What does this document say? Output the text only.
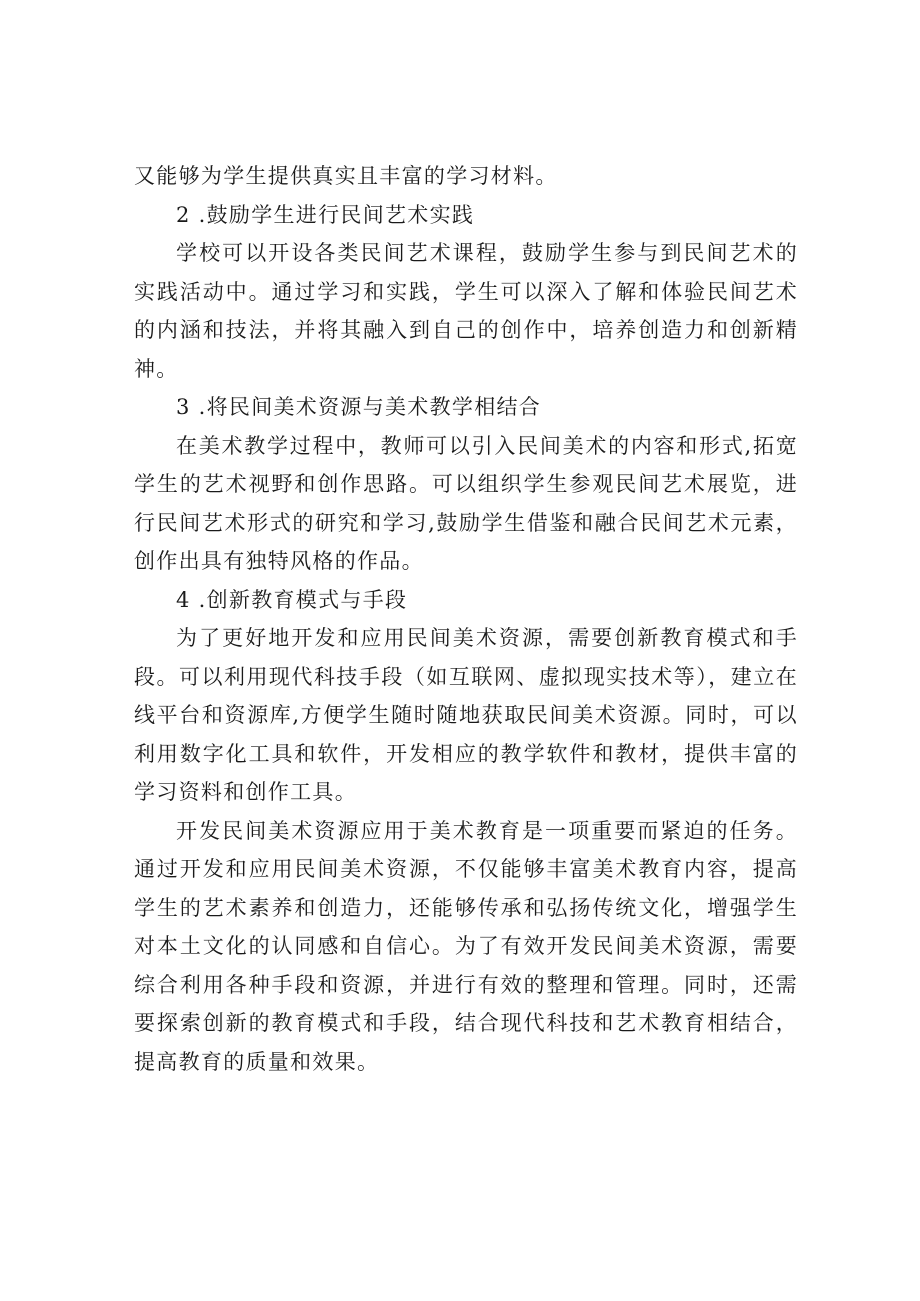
又能够为学生提供真实且丰富的学习材料。

2 .鼓励学生进行民间艺术实践

学校可以开设各类民间艺术课程，鼓励学生参与到民间艺术的实践活动中。通过学习和实践，学生可以深入了解和体验民间艺术的内涵和技法，并将其融入到自己的创作中，培养创造力和创新精神。

3 .将民间美术资源与美术教学相结合

在美术教学过程中，教师可以引入民间美术的内容和形式,拓宽学生的艺术视野和创作思路。可以组织学生参观民间艺术展览，进行民间艺术形式的研究和学习,鼓励学生借鉴和融合民间艺术元素，创作出具有独特风格的作品。

4 .创新教育模式与手段

为了更好地开发和应用民间美术资源，需要创新教育模式和手段。可以利用现代科技手段（如互联网、虚拟现实技术等），建立在线平台和资源库,方便学生随时随地获取民间美术资源。同时，可以利用数字化工具和软件，开发相应的教学软件和教材，提供丰富的学习资料和创作工具。

开发民间美术资源应用于美术教育是一项重要而紧迫的任务。通过开发和应用民间美术资源，不仅能够丰富美术教育内容，提高学生的艺术素养和创造力，还能够传承和弘扬传统文化，增强学生对本土文化的认同感和自信心。为了有效开发民间美术资源，需要综合利用各种手段和资源，并进行有效的整理和管理。同时，还需要探索创新的教育模式和手段，结合现代科技和艺术教育相结合，提高教育的质量和效果。
